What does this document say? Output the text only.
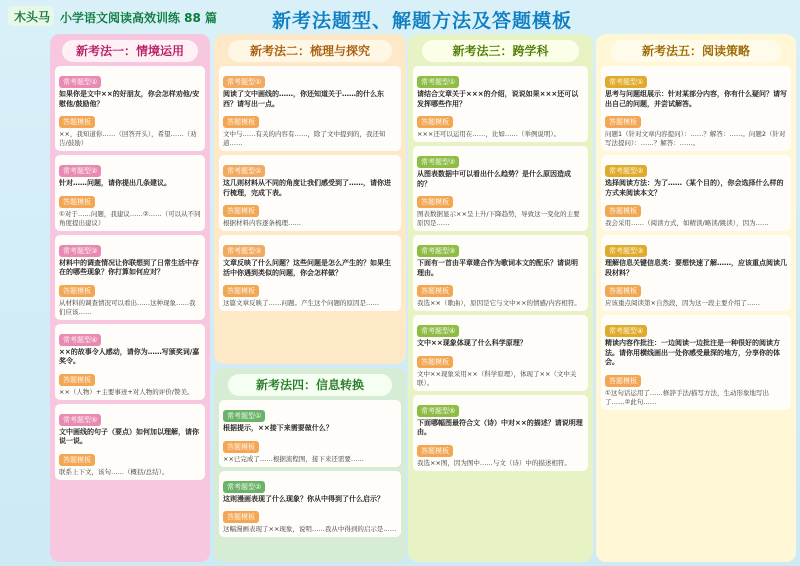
木头马 小学语文阅读高效训练 88 篇	新考法题型、解题方法及答题模板
新考法一：情境运用
常考题型①
如果你是文中××的好朋友，你会怎样劝他/安慰他/鼓励他？
答题模板
××，我知道你……（回答开头），希望……（劝告/鼓励）
常考题型②
针对……问题，请你提出几条建议。
答题模板
①对于……问题，我建议……②……（可以从不同角度提出建议）
常考题型③
材料中的调查情况让你联想到了日常生活中存在的哪些现象？你打算如何应对？
答题模板
从材料的调查情况可以看出……这种现象……我们应该……
常考题型④
××的故事令人感动，请你为……写颁奖词/嘉奖令。
答题模板
××（人物）+主要事迹+对人物的评价/赞美。
常考题型⑤
文中画线的句子（要点）如何加以理解，请你说一说。
答题模板
联系上下文，该句……（概括/总结）。
新考法二：梳理与探究
常考题型①
阅读了文中画线的……，你还知道关于……的什么东西？请写出一点。
答题模板
文中与……有关的内容有……，除了文中提到的，我还知道……
常考题型②
这几则材料从不同的角度让我们感受到了……，请你进行梳理，完成下表。
答题模板
根据材料内容逐条梳理……
常考题型③
文章反映了什么问题？这些问题是怎么产生的？如果生活中你遇到类似的问题，你会怎样做？
答题模板
这篇文章反映了……问题。产生这个问题的原因是……
新考法四：信息转换
常考题型①
根据提示，××接下来需要做什么？
答题模板
××已完成了……根据流程图，接下来还需要……
常考题型②
这则漫画表现了什么现象？你从中得到了什么启示？
答题模板
这幅漫画表现了××现象，说明……我从中得到的启示是……
新考法三：跨学科
常考题型①
请结合文章关于×××的介绍，说说如果×××还可以发挥哪些作用？
答题模板
×××还可以运用在……，比如……（举例说明）。
常考题型②
从图表数据中可以看出什么趋势？是什么原因造成的？
答题模板
图表数据显示××呈上升/下降趋势，导致这一变化的主要原因是……
常考题型③
下面有一首由平章建合作为歌词本文的配乐？请说明理由。
答题模板
我选××（歌曲），原因是它与文中××的情感/内容相符。
常考题型④
文中××现象体现了什么科学原理？
答题模板
文中××现象采用××（科学原理），体现了××（文中关联）。
常考题型⑤
下面哪幅图最符合文（诗）中对××的描述？请说明理由。
答题模板
我选××图，因为图中……与文（诗）中的描述相符。
新考法五：阅读策略
常考题型①
思考与问题组展示：针对某部分内容，你有什么疑问？请写出自己的问题，并尝试解答。
答题模板
问题1（针对文章内容提问）：……？解答：……。问题2（针对写法提问）：……？解答：……。
常考题型②
选择阅读方法：为了……（某个目的），你会选择什么样的方式来阅读本文？
答题模板
我会采用……（阅读方式，如精读/略读/跳读），因为……
常考题型③
理解信息关键信息类：要想快速了解……，应该重点阅读几段材料？
答题模板
应该重点阅读第×自然段，因为这一段主要介绍了……
常考题型④
精读内容作批注：一边阅读一边批注是一种很好的阅读方法。请你用横线画出一处你感受最深的地方，分享你的体会。
答题模板
①这句话运用了……修辞手法/描写方法，生动形象地写出了……②此句……
